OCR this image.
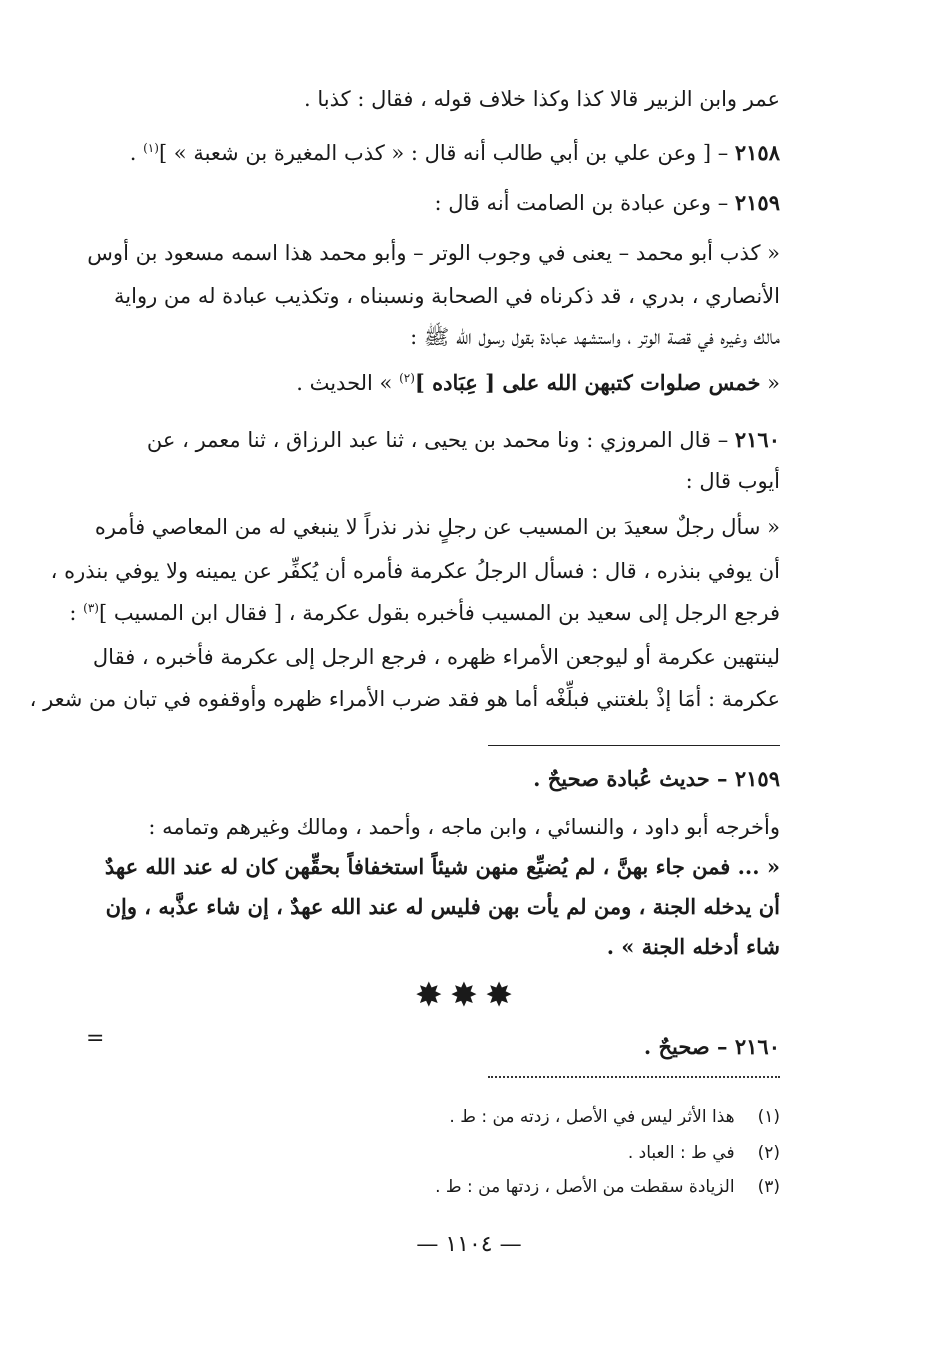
عمر وابن الزبير قالا كذا وكذا خلاف قوله ، فقال : كذبا .
٢١٥٨ – [ وعن علي بن أبي طالب أنه قال : « كذب المغيرة بن شعبة » ]$^{(١)}$ .
٢١٥٩ – وعن عبادة بن الصامت أنه قال :
« كذب أبو محمد – يعنى في وجوب الوتر – وأبو محمد هذا اسمه مسعود بن أوس
الأنصاري ، بدري ، قد ذكرناه في الصحابة ونسبناه ، وتكذيب عبادة له من رواية
مالك وغيره في قصة الوتر ، واستشهد عبادة بقول رسول الله ﷺ :
« خمس صلوات كتبهن الله على [ عِبَاده ]$^{(٢)}$ » الحديث .
٢١٦٠ – قال المروزي : ونا محمد بن يحيى ، ثنا عبد الرزاق ، ثنا معمر ، عن
أيوب قال :
« سأل رجلٌ سعيدَ بن المسيب عن رجلٍ نذر نذراً لا ينبغي له من المعاصي فأمره
أن يوفي بنذره ، قال : فسأل الرجلُ عكرمة فأمره أن يُكفِّر عن يمينه ولا يوفي بنذره ،
فرجع الرجل إلى سعيد بن المسيب فأخبره بقول عكرمة ، [ فقال ابن المسيب ]$^{(٣)}$ :
لينتهين عكرمة أو ليوجعن الأمراء ظهره ، فرجع الرجل إلى عكرمة فأخبره ، فقال
عكرمة : أمَا إذْ بلغتني فبلِّغْه أما هو فقد ضرب الأمراء ظهره وأوقفوه في تبان من شعر ،
٢١٥٩ – حديث عُبادة صحيحٌ .
وأخرجه أبو داود ، والنسائي ، وابن ماجه ، وأحمد ، ومالك وغيرهم وتمامه :
« ... فمن جاء بهنَّ ، لم يُضيِّع منهن شيئاً استخفافاً بحقِّهن كان له عند الله عهدٌ
أن يدخله الجنة ، ومن لم يأت بهن فليس له عند الله عهدٌ ، إن شاء عذَّبه ، وإن
شاء أدخله الجنة » .
✸✸✸
٢١٦٠ – صحيحٌ .
=
(١) هذا الأثر ليس في الأصل ، زدته من : ط .
(٢) في ط : العباد .
(٣) الزيادة سقطت من الأصل ، زدتها من : ط .
— ١١٠٤ —
